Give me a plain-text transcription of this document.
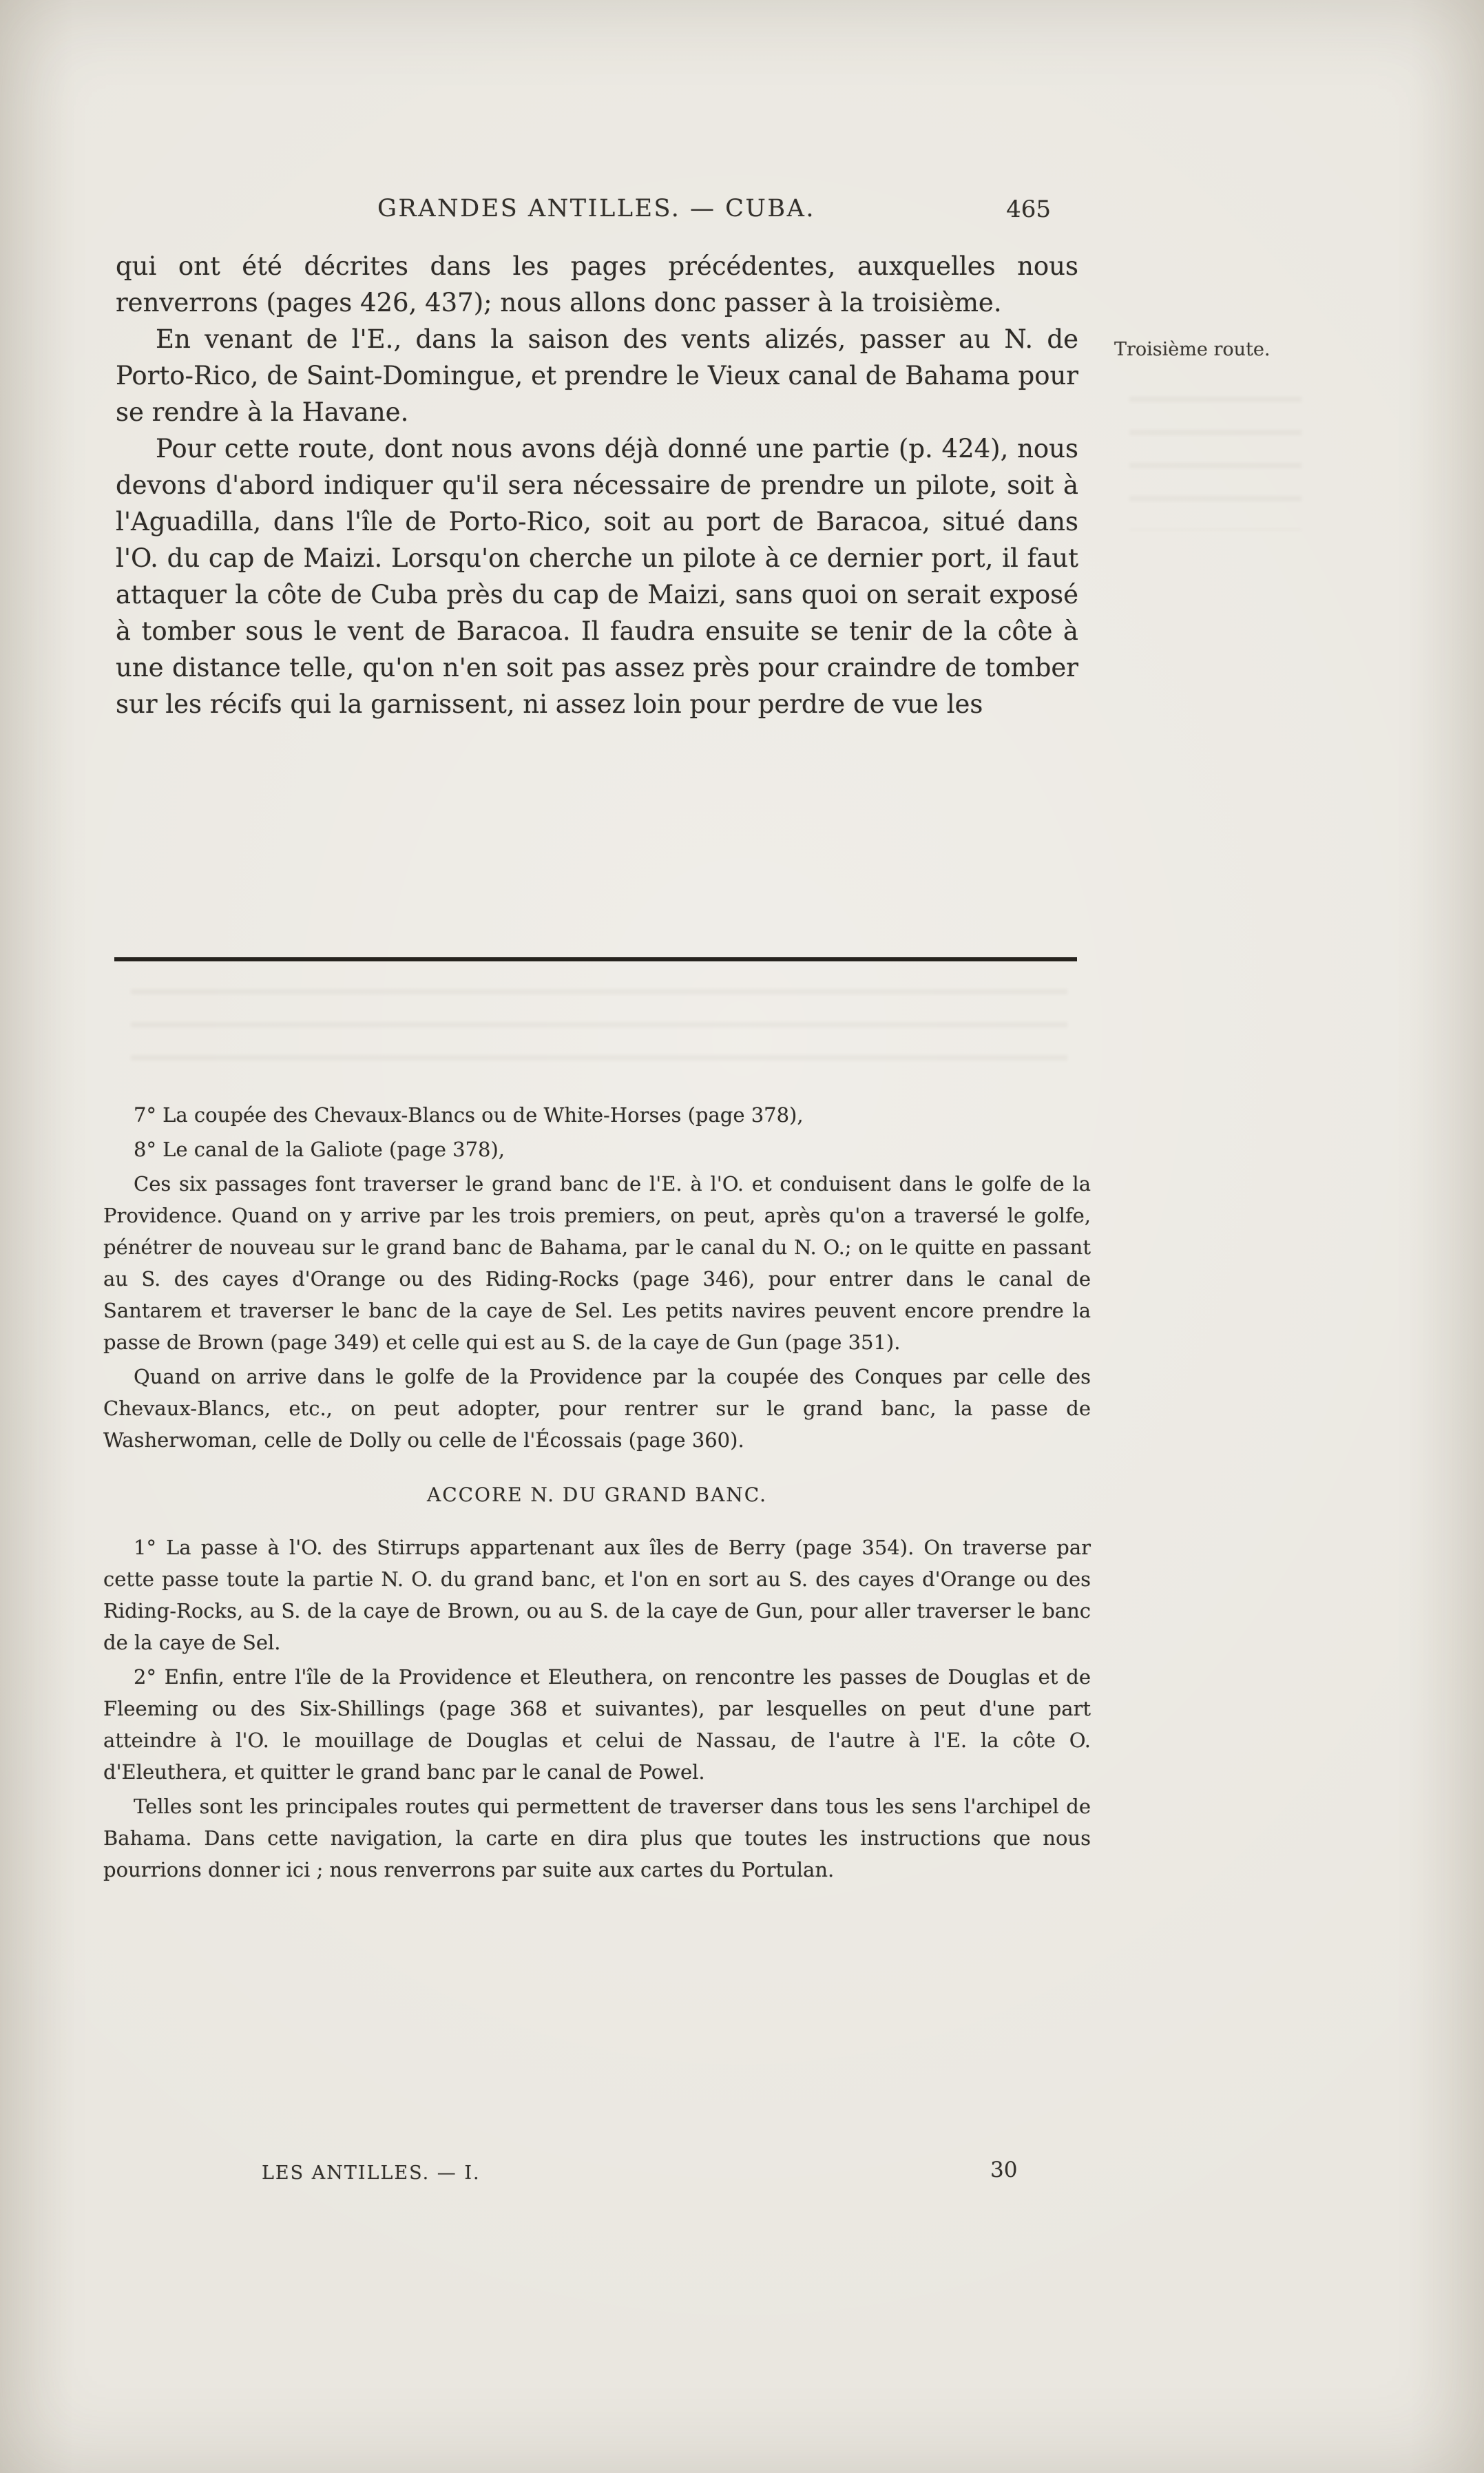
GRANDES ANTILLES. — CUBA.	465

qui ont été décrites dans les pages précédentes, auxquelles nous renverrons (pages 426, 437); nous allons donc passer à la troisième.

En venant de l'E., dans la saison des vents alizés, passer au N. de Porto-Rico, de Saint-Domingue, et prendre le Vieux canal de Bahama pour se rendre à la Havane.

Pour cette route, dont nous avons déjà donné une partie (p. 424), nous devons d'abord indiquer qu'il sera nécessaire de prendre un pilote, soit à l'Aguadilla, dans l'île de Porto-Rico, soit au port de Baracoa, situé dans l'O. du cap de Maizi. Lorsqu'on cherche un pilote à ce dernier port, il faut attaquer la côte de Cuba près du cap de Maizi, sans quoi on serait exposé à tomber sous le vent de Baracoa. Il faudra ensuite se tenir de la côte à une distance telle, qu'on n'en soit pas assez près pour craindre de tomber sur les récifs qui la garnissent, ni assez loin pour perdre de vue les

Troisième route.

7° La coupée des Chevaux-Blancs ou de White-Horses (page 378),

8° Le canal de la Galiote (page 378),

Ces six passages font traverser le grand banc de l'E. à l'O. et conduisent dans le golfe de la Providence. Quand on y arrive par les trois premiers, on peut, après qu'on a traversé le golfe, pénétrer de nouveau sur le grand banc de Bahama, par le canal du N. O.; on le quitte en passant au S. des cayes d'Orange ou des Riding-Rocks (page 346), pour entrer dans le canal de Santarem et traverser le banc de la caye de Sel. Les petits navires peuvent encore prendre la passe de Brown (page 349) et celle qui est au S. de la caye de Gun (page 351).

Quand on arrive dans le golfe de la Providence par la coupée des Conques par celle des Chevaux-Blancs, etc., on peut adopter, pour rentrer sur le grand banc, la passe de Washerwoman, celle de Dolly ou celle de l'Écossais (page 360).

ACCORE N. DU GRAND BANC.

1° La passe à l'O. des Stirrups appartenant aux îles de Berry (page 354). On traverse par cette passe toute la partie N. O. du grand banc, et l'on en sort au S. des cayes d'Orange ou des Riding-Rocks, au S. de la caye de Brown, ou au S. de la caye de Gun, pour aller traverser le banc de la caye de Sel.

2° Enfin, entre l'île de la Providence et Eleuthera, on rencontre les passes de Douglas et de Fleeming ou des Six-Shillings (page 368 et suivantes), par lesquelles on peut d'une part atteindre à l'O. le mouillage de Douglas et celui de Nassau, de l'autre à l'E. la côte O. d'Eleuthera, et quitter le grand banc par le canal de Powel.

Telles sont les principales routes qui permettent de traverser dans tous les sens l'archipel de Bahama. Dans cette navigation, la carte en dira plus que toutes les instructions que nous pourrions donner ici ; nous renverrons par suite aux cartes du Portulan.

LES ANTILLES. — I.	30
